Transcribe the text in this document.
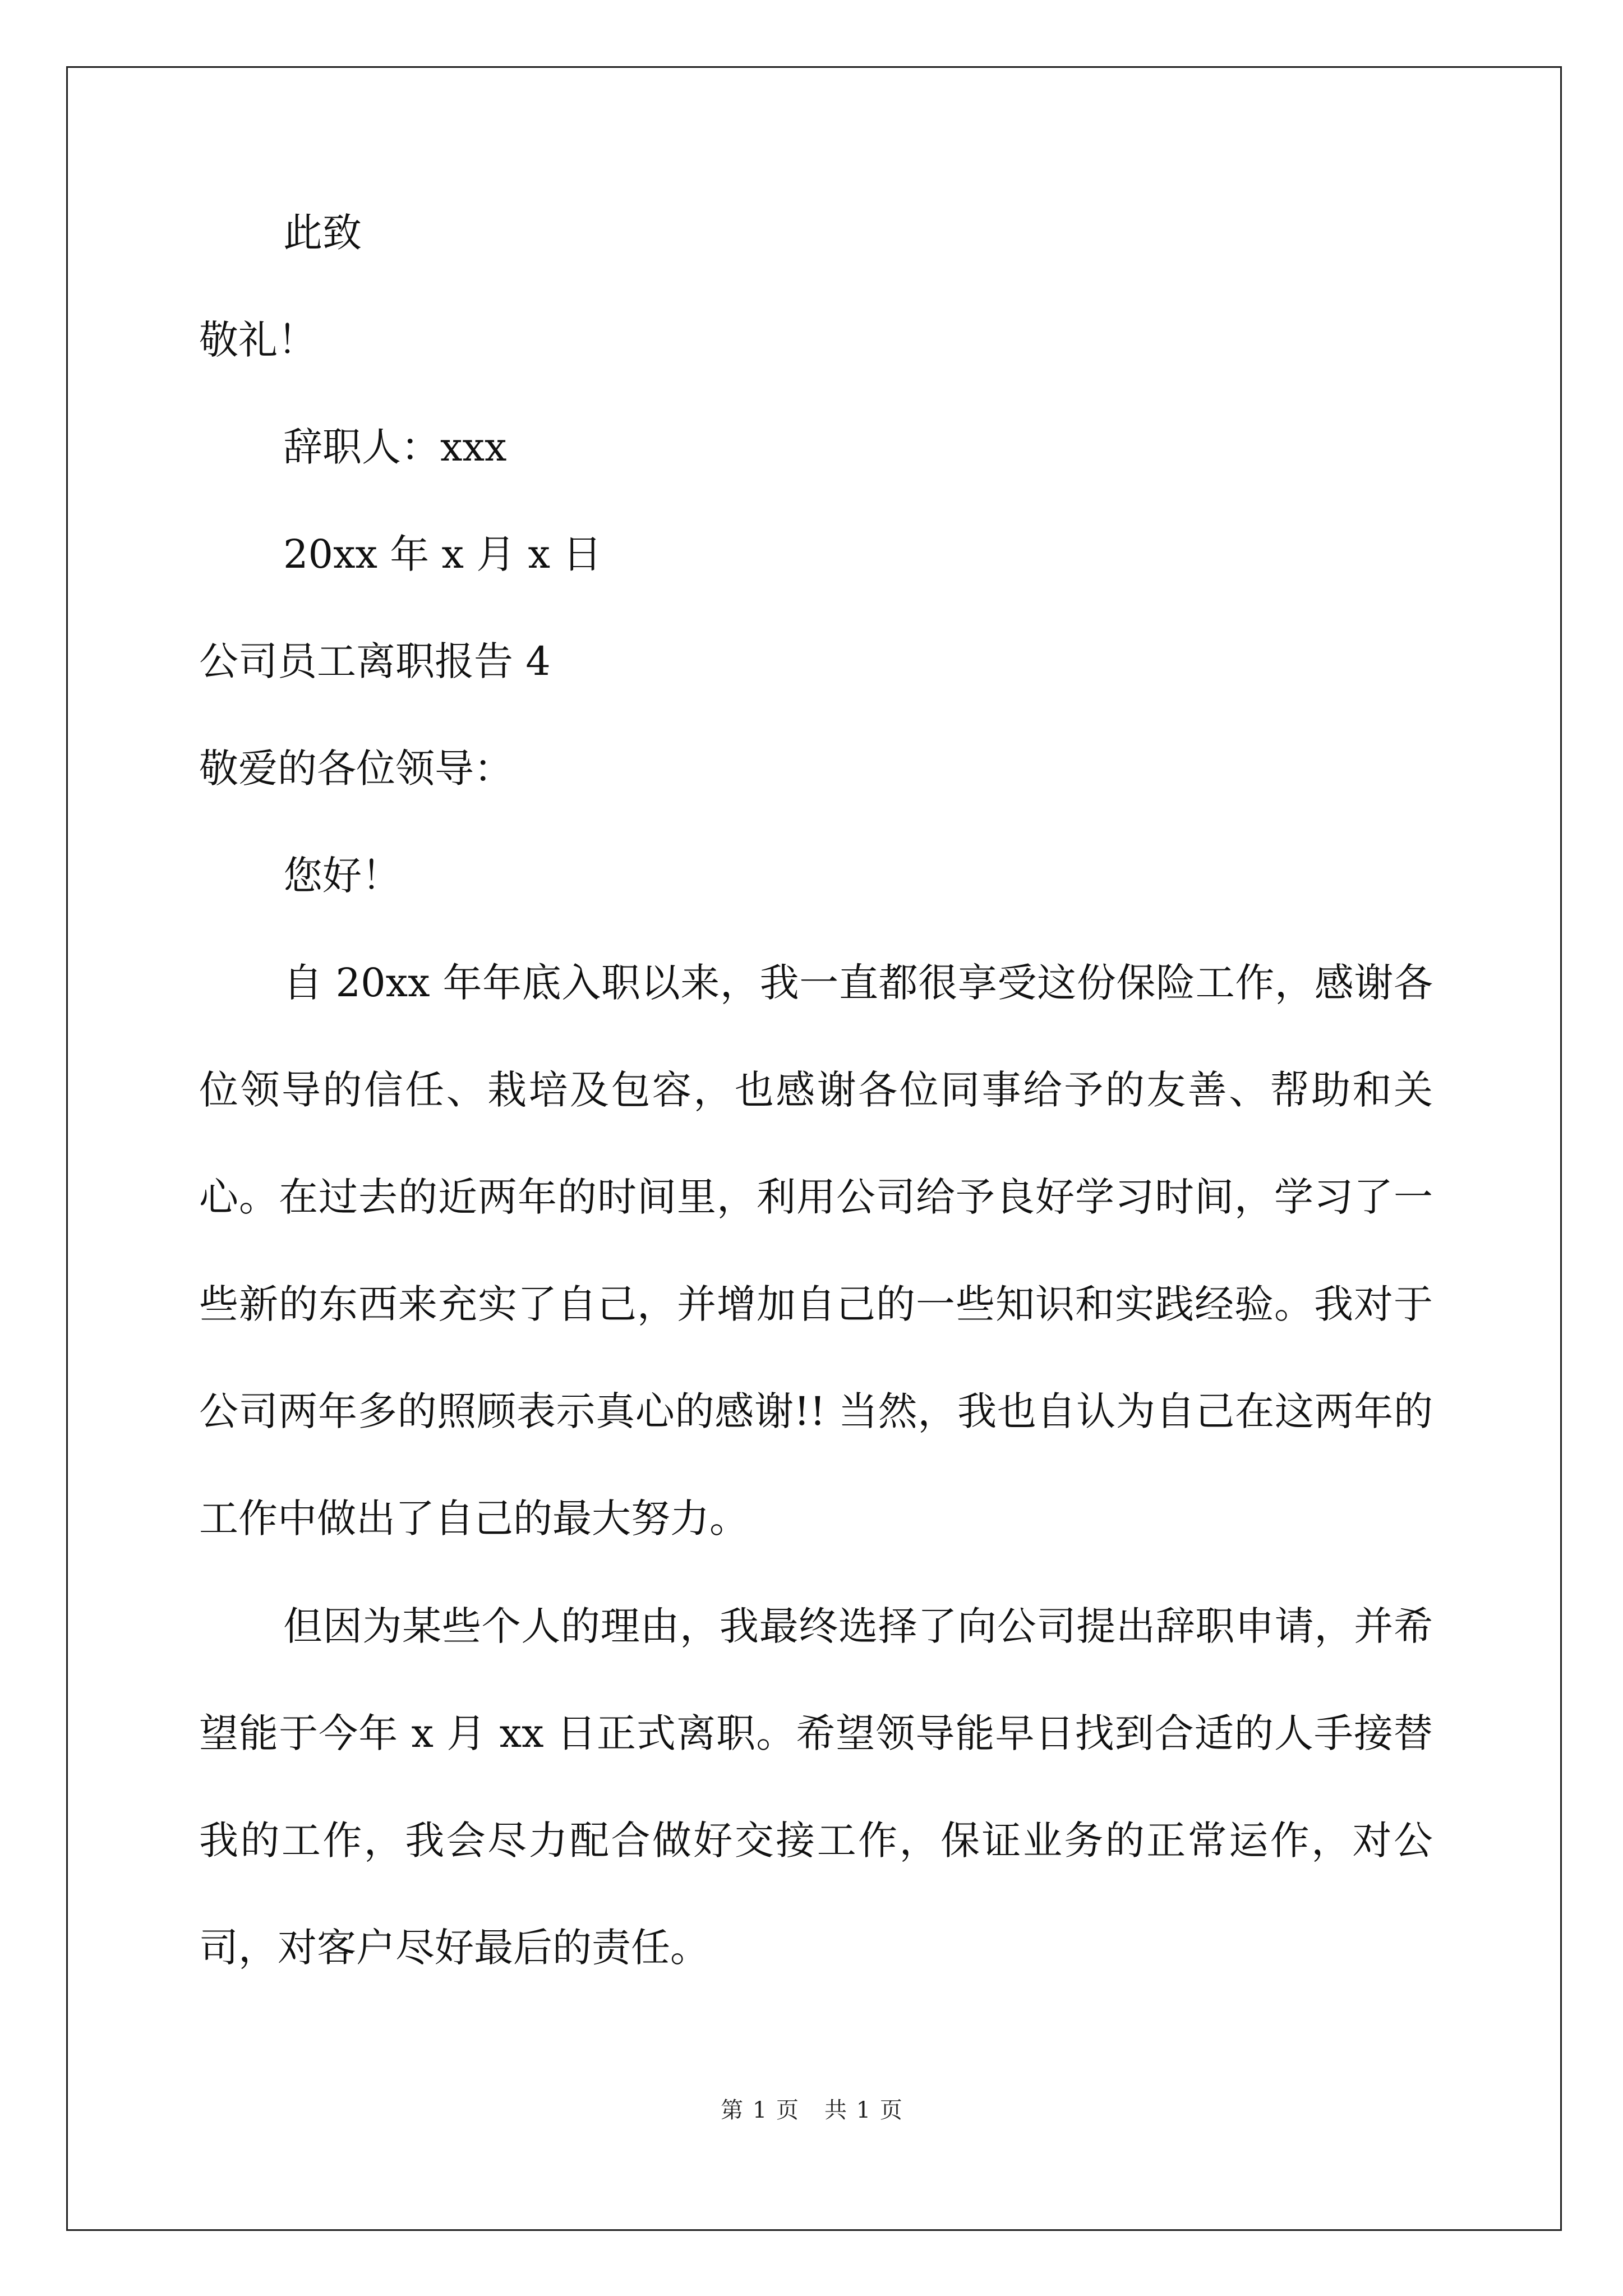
此致
敬礼！
辞职人：xxx
20xx 年 x 月 x 日
公司员工离职报告 4
敬爱的各位领导：
您好！

自 20xx 年年底入职以来，我一直都很享受这份保险工作，感谢各位领导的信任、栽培及包容，也感谢各位同事给予的友善、帮助和关心。在过去的近两年的时间里，利用公司给予良好学习时间，学习了一些新的东西来充实了自己，并增加自己的一些知识和实践经验。我对于公司两年多的照顾表示真心的感谢!! 当然，我也自认为自己在这两年的工作中做出了自己的最大努力。

但因为某些个人的理由，我最终选择了向公司提出辞职申请，并希望能于今年 x 月 xx 日正式离职。希望领导能早日找到合适的人手接替我的工作，我会尽力配合做好交接工作，保证业务的正常运作，对公司，对客户尽好最后的责任。

第 1 页 共 1 页
